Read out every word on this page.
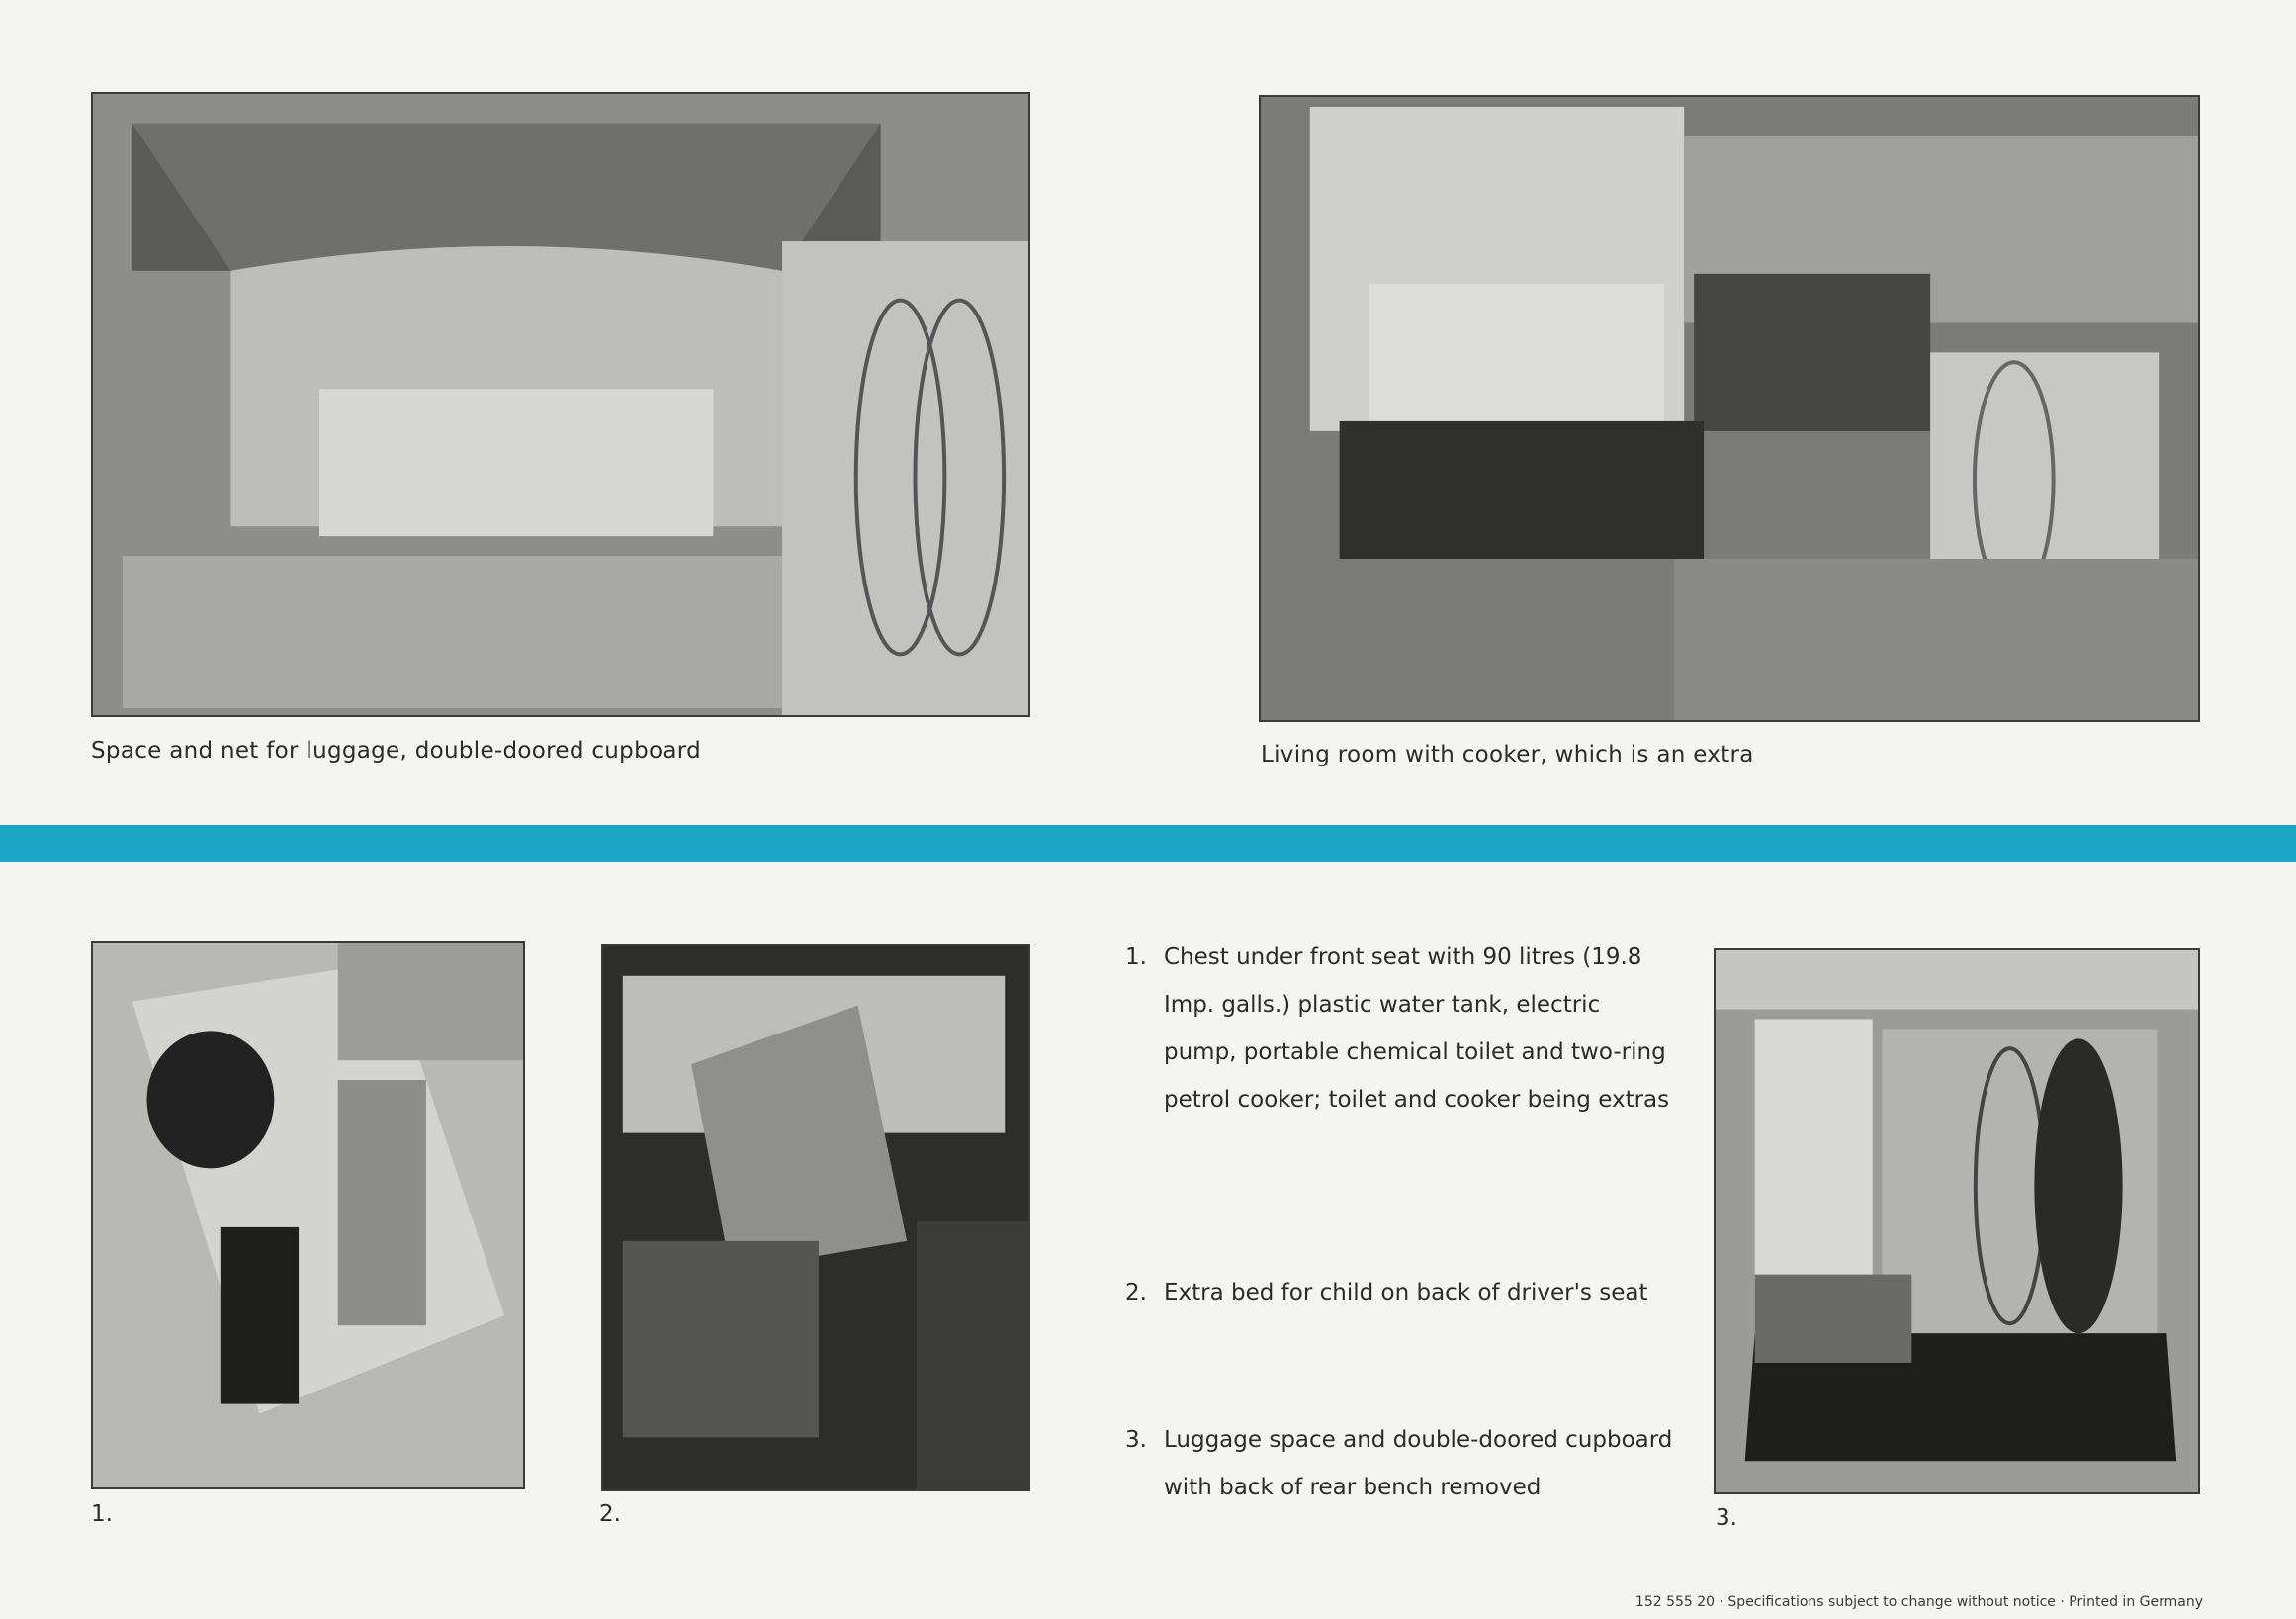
Space and net for luggage, double-doored cupboard	Living room with cooker, which is an extra
1.	2.
1. Chest under front seat with 90 litres (19.8 Imp. galls.) plastic water tank, electric pump, portable chemical toilet and two-ring petrol cooker; toilet and cooker being extras
2. Extra bed for child on back of driver's seat
3. Luggage space and double-doored cupboard with back of rear bench removed
3.
152 555 20 · Specifications subject to change without notice · Printed in Germany
